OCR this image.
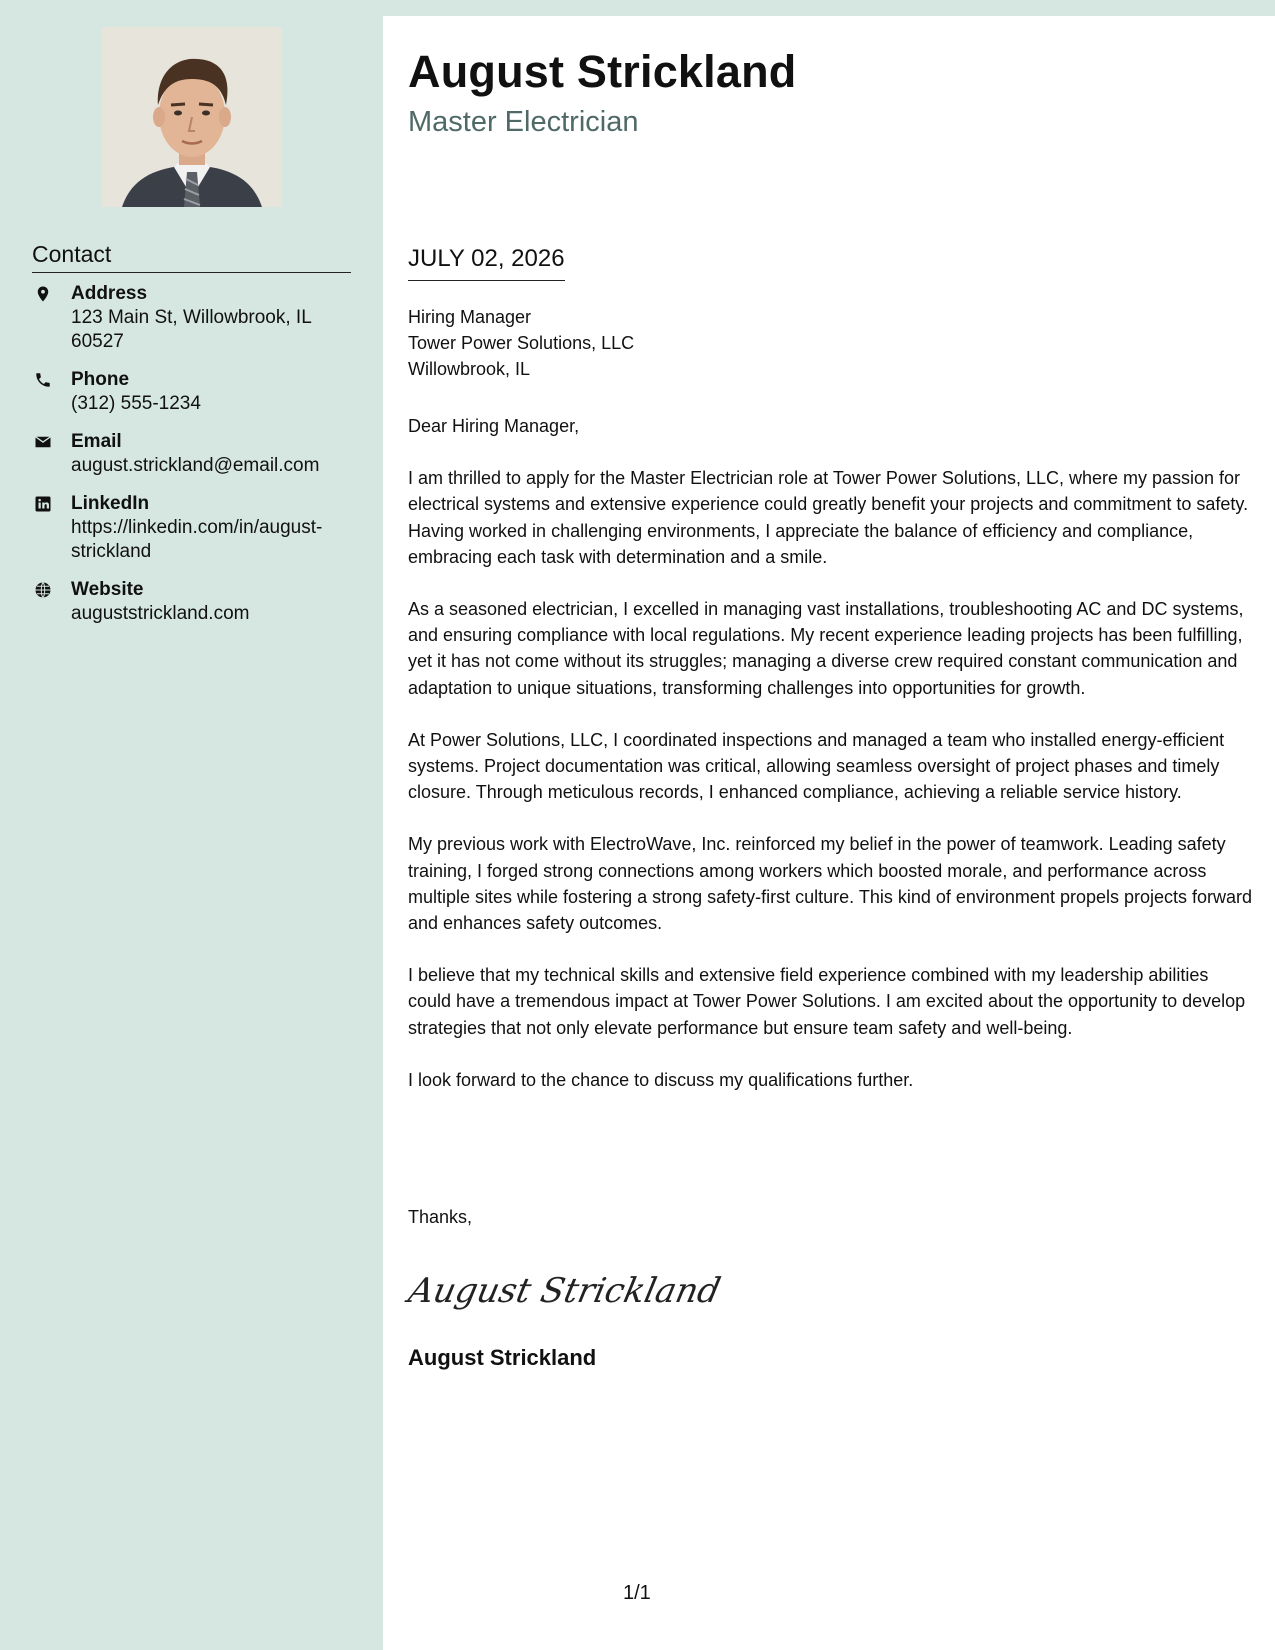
Contact
Address
123 Main St, Willowbrook, IL 60527
Phone
(312) 555-1234
Email
august.strickland@email.com
LinkedIn
https://linkedin.com/in/august-strickland
Website
auguststrickland.com
August Strickland
Master Electrician
JULY 02, 2026
Hiring Manager
Tower Power Solutions, LLC
Willowbrook, IL

Dear Hiring Manager,

I am thrilled to apply for the Master Electrician role at Tower Power Solutions, LLC, where my passion for electrical systems and extensive experience could greatly benefit your projects and commitment to safety. Having worked in challenging environments, I appreciate the balance of efficiency and compliance, embracing each task with determination and a smile.

As a seasoned electrician, I excelled in managing vast installations, troubleshooting AC and DC systems, and ensuring compliance with local regulations. My recent experience leading projects has been fulfilling, yet it has not come without its struggles; managing a diverse crew required constant communication and adaptation to unique situations, transforming challenges into opportunities for growth.

At Power Solutions, LLC, I coordinated inspections and managed a team who installed energy-efficient systems. Project documentation was critical, allowing seamless oversight of project phases and timely closure. Through meticulous records, I enhanced compliance, achieving a reliable service history.

My previous work with ElectroWave, Inc. reinforced my belief in the power of teamwork. Leading safety training, I forged strong connections among workers which boosted morale, and performance across multiple sites while fostering a strong safety-first culture. This kind of environment propels projects forward and enhances safety outcomes.

I believe that my technical skills and extensive field experience combined with my leadership abilities could have a tremendous impact at Tower Power Solutions. I am excited about the opportunity to develop strategies that not only elevate performance but ensure team safety and well-being.

I look forward to the chance to discuss my qualifications further.

Thanks,
August Strickland
August Strickland
1/1
